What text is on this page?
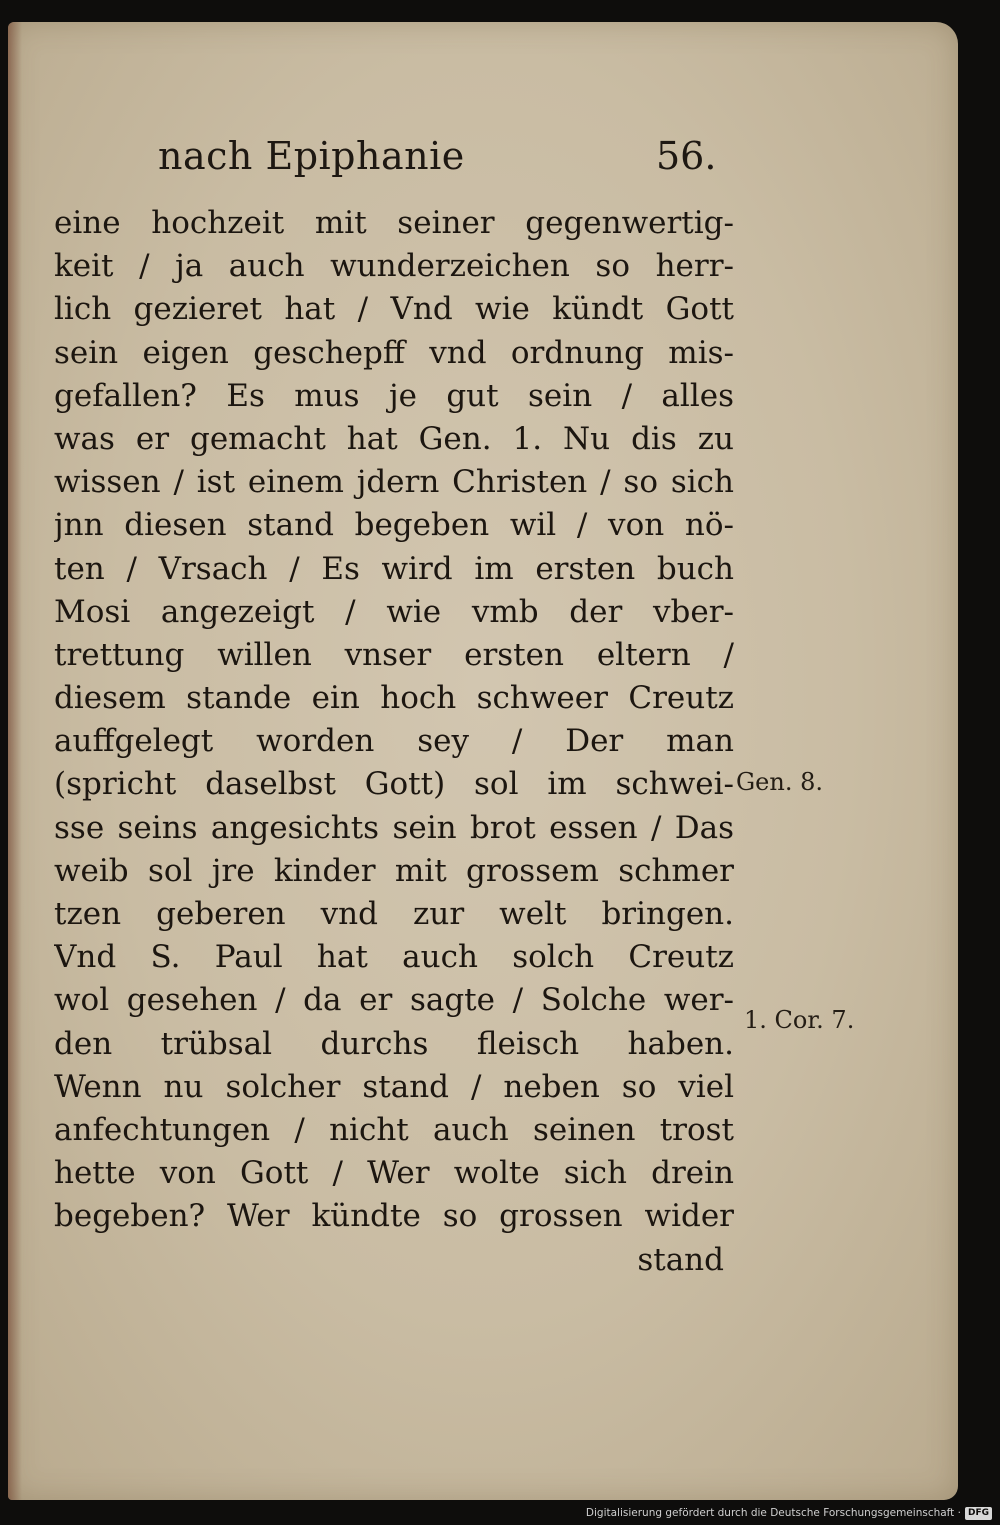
nach Epiphanie	56.
eine hochzeit mit seiner gegenwertig-
keit / ja auch wunderzeichen so herr-
lich gezieret hat / Vnd wie kündt Gott
sein eigen geschepff vnd ordnung mis-
gefallen? Es mus je gut sein / alles
was er gemacht hat Gen. 1. Nu dis zu
wissen / ist einem jdern Christen / so sich
jnn diesen stand begeben wil / von nö-
ten / Vrsach / Es wird im ersten buch
Mosi angezeigt / wie vmb der vber-
trettung willen vnser ersten eltern /
diesem stande ein hoch schweer Creutz
auffgelegt worden sey / Der man
(spricht daselbst Gott) sol im schwei-
sse seins angesichts sein brot essen / Das
weib sol jre kinder mit grossem schmer
tzen geberen vnd zur welt bringen.
Vnd S. Paul hat auch solch Creutz
wol gesehen / da er sagte / Solche wer-
den trübsal durchs fleisch haben.
Wenn nu solcher stand / neben so viel
anfechtungen / nicht auch seinen trost
hette von Gott / Wer wolte sich drein
begeben? Wer kündte so grossen wider
stand
Gen. 8.
1. Cor. 7.
Digitalisierung gefördert durch die Deutsche Forschungsgemeinschaft · DFG
